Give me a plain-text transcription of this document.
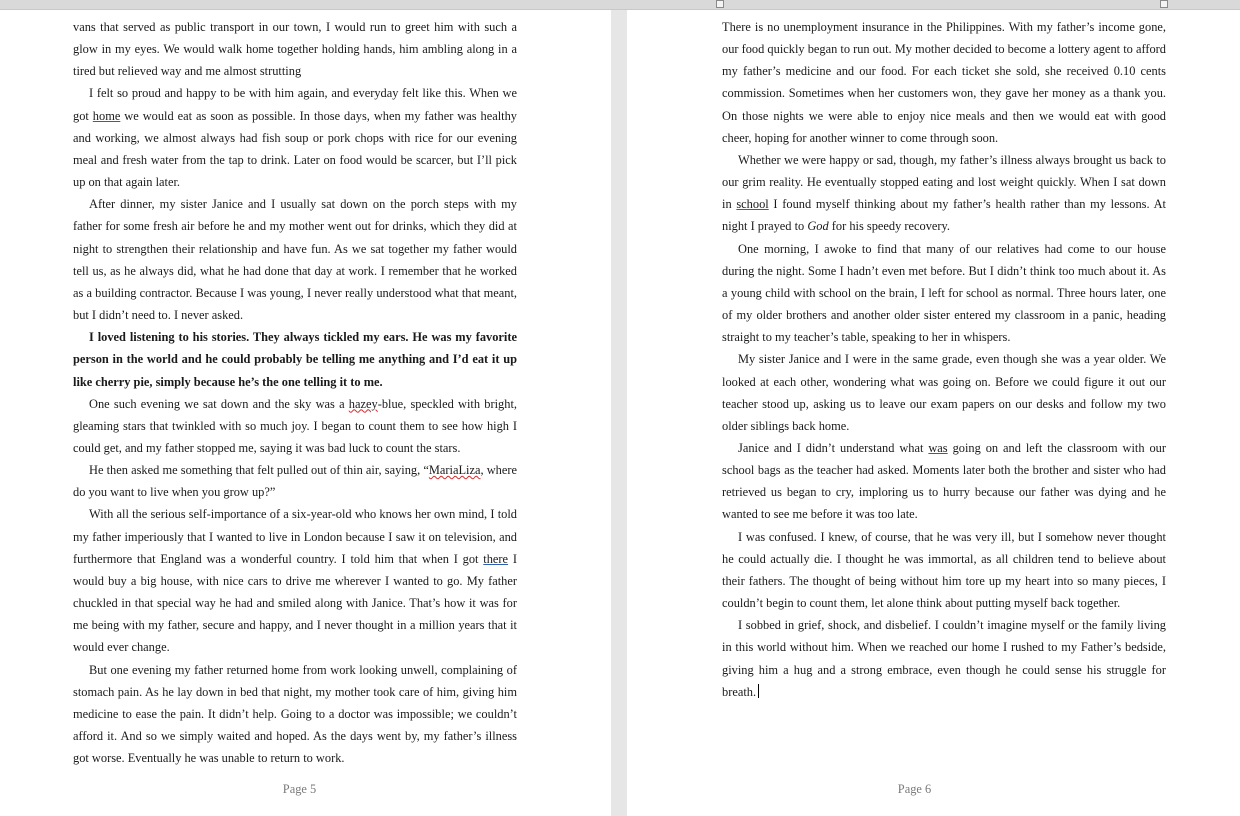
vans that served as public transport in our town, I would run to greet him with such a glow in my eyes. We would walk home together holding hands, him ambling along in a tired but relieved way and me almost strutting

I felt so proud and happy to be with him again, and everyday felt like this. When we got home we would eat as soon as possible. In those days, when my father was healthy and working, we almost always had fish soup or pork chops with rice for our evening meal and fresh water from the tap to drink. Later on food would be scarcer, but I’ll pick up on that again later.

After dinner, my sister Janice and I usually sat down on the porch steps with my father for some fresh air before he and my mother went out for drinks, which they did at night to strengthen their relationship and have fun. As we sat together my father would tell us, as he always did, what he had done that day at work. I remember that he worked as a building contractor. Because I was young, I never really understood what that meant, but I didn’t need to. I never asked.

I loved listening to his stories. They always tickled my ears. He was my favorite person in the world and he could probably be telling me anything and I’d eat it up like cherry pie, simply because he’s the one telling it to me.

One such evening we sat down and the sky was a hazey-blue, speckled with bright, gleaming stars that twinkled with so much joy. I began to count them to see how high I could get, and my father stopped me, saying it was bad luck to count the stars.

He then asked me something that felt pulled out of thin air, saying, “MariaLiza, where do you want to live when you grow up?”

With all the serious self-importance of a six-year-old who knows her own mind, I told my father imperiously that I wanted to live in London because I saw it on television, and furthermore that England was a wonderful country. I told him that when I got there I would buy a big house, with nice cars to drive me wherever I wanted to go. My father chuckled in that special way he had and smiled along with Janice. That’s how it was for me being with my father, secure and happy, and I never thought in a million years that it would ever change.

But one evening my father returned home from work looking unwell, complaining of stomach pain. As he lay down in bed that night, my mother took care of him, giving him medicine to ease the pain. It didn’t help. Going to a doctor was impossible; we couldn’t afford it. And so we simply waited and hoped. As the days went by, my father’s illness got worse. Eventually he was unable to return to work.

Page 5

There is no unemployment insurance in the Philippines. With my father’s income gone, our food quickly began to run out. My mother decided to become a lottery agent to afford my father’s medicine and our food. For each ticket she sold, she received 0.10 cents commission. Sometimes when her customers won, they gave her money as a thank you. On those nights we were able to enjoy nice meals and then we would eat with good cheer, hoping for another winner to come through soon.

Whether we were happy or sad, though, my father’s illness always brought us back to our grim reality. He eventually stopped eating and lost weight quickly. When I sat down in school I found myself thinking about my father’s health rather than my lessons. At night I prayed to God for his speedy recovery.

One morning, I awoke to find that many of our relatives had come to our house during the night. Some I hadn’t even met before. But I didn’t think too much about it. As a young child with school on the brain, I left for school as normal. Three hours later, one of my older brothers and another older sister entered my classroom in a panic, heading straight to my teacher’s table, speaking to her in whispers.

My sister Janice and I were in the same grade, even though she was a year older. We looked at each other, wondering what was going on. Before we could figure it out our teacher stood up, asking us to leave our exam papers on our desks and follow my two older siblings back home.

Janice and I didn’t understand what was going on and left the classroom with our school bags as the teacher had asked. Moments later both the brother and sister who had retrieved us began to cry, imploring us to hurry because our father was dying and he wanted to see me before it was too late.

I was confused. I knew, of course, that he was very ill, but I somehow never thought he could actually die. I thought he was immortal, as all children tend to believe about their fathers. The thought of being without him tore up my heart into so many pieces, I couldn’t begin to count them, let alone think about putting myself back together.

I sobbed in grief, shock, and disbelief. I couldn’t imagine myself or the family living in this world without him. When we reached our home I rushed to my Father’s bedside, giving him a hug and a strong embrace, even though he could sense his struggle for breath.

Page 6
